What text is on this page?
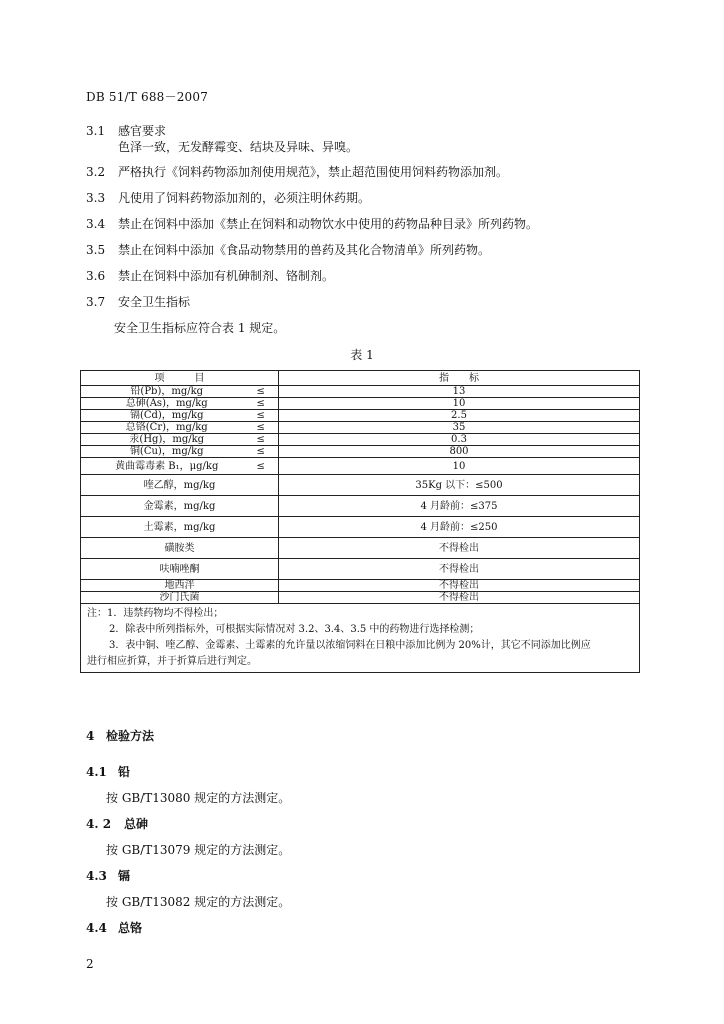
DB 51/T 688－2007
3.1 感官要求
色泽一致，无发酵霉变、结块及异味、异嗅。
3.2 严格执行《饲料药物添加剂使用规范》，禁止超范围使用饲料药物添加剂。
3.3 凡使用了饲料药物添加剂的，必须注明休药期。
3.4 禁止在饲料中添加《禁止在饲料和动物饮水中使用的药物品种目录》所列药物。
3.5 禁止在饲料中添加《食品动物禁用的兽药及其化合物清单》所列药物。
3.6 禁止在饲料中添加有机砷制剂、铬制剂。
3.7 安全卫生指标
安全卫生指标应符合表 1 规定。
表 1
项　　　目		指　　标
铅(Pb)，mg/kg	≤	13
总砷(As)，mg/kg	≤	10
镉(Cd)，mg/kg	≤	2.5
总铬(Cr)，mg/kg	≤	35
汞(Hg)，mg/kg	≤	0.3
铜(Cu)，mg/kg	≤	800
黄曲霉毒素 B₁，μg/kg	≤	10
喹乙醇，mg/kg		35Kg 以下：≤500
金霉素，mg/kg		4 月龄前：≤375
土霉素，mg/kg		4 月龄前：≤250
磺胺类		不得检出
呋喃唑酮		不得检出
地西泮		不得检出
沙门氏菌		不得检出

注：1．违禁药物均不得检出；
2．除表中所列指标外，可根据实际情况对 3.2、3.4、3.5 中的药物进行选择检测；
3．表中铜、喹乙醇、金霉素、土霉素的允许量以浓缩饲料在日粮中添加比例为 20%计，其它不同添加比例应
进行相应折算，并于折算后进行判定。		
4 检验方法
4.1 铅
按 GB/T13080 规定的方法测定。
4. 2 总砷
按 GB/T13079 规定的方法测定。
4.3 镉
按 GB/T13082 规定的方法测定。
4.4 总铬
2
